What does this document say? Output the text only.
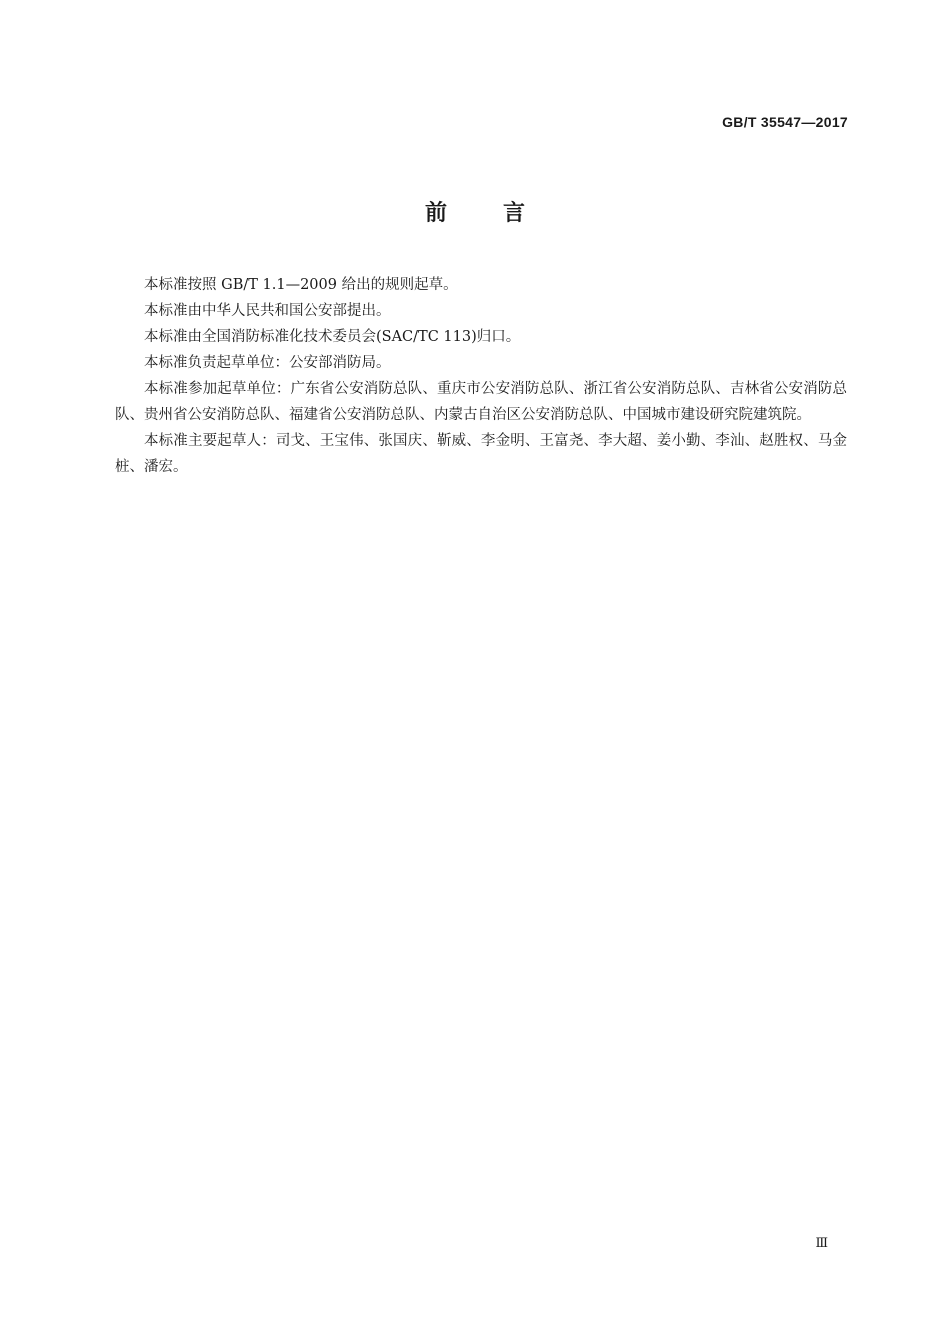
GB/T 35547—2017
前言

本标准按照 GB/T 1.1—2009 给出的规则起草。

本标准由中华人民共和国公安部提出。

本标准由全国消防标准化技术委员会(SAC/TC 113)归口。

本标准负责起草单位：公安部消防局。

本标准参加起草单位：广东省公安消防总队、重庆市公安消防总队、浙江省公安消防总队、吉林省公安消防总队、贵州省公安消防总队、福建省公安消防总队、内蒙古自治区公安消防总队、中国城市建设研究院建筑院。

本标准主要起草人：司戈、王宝伟、张国庆、靳威、李金明、王富尧、李大超、姜小勤、李汕、赵胜权、马金桩、潘宏。

Ⅲ
